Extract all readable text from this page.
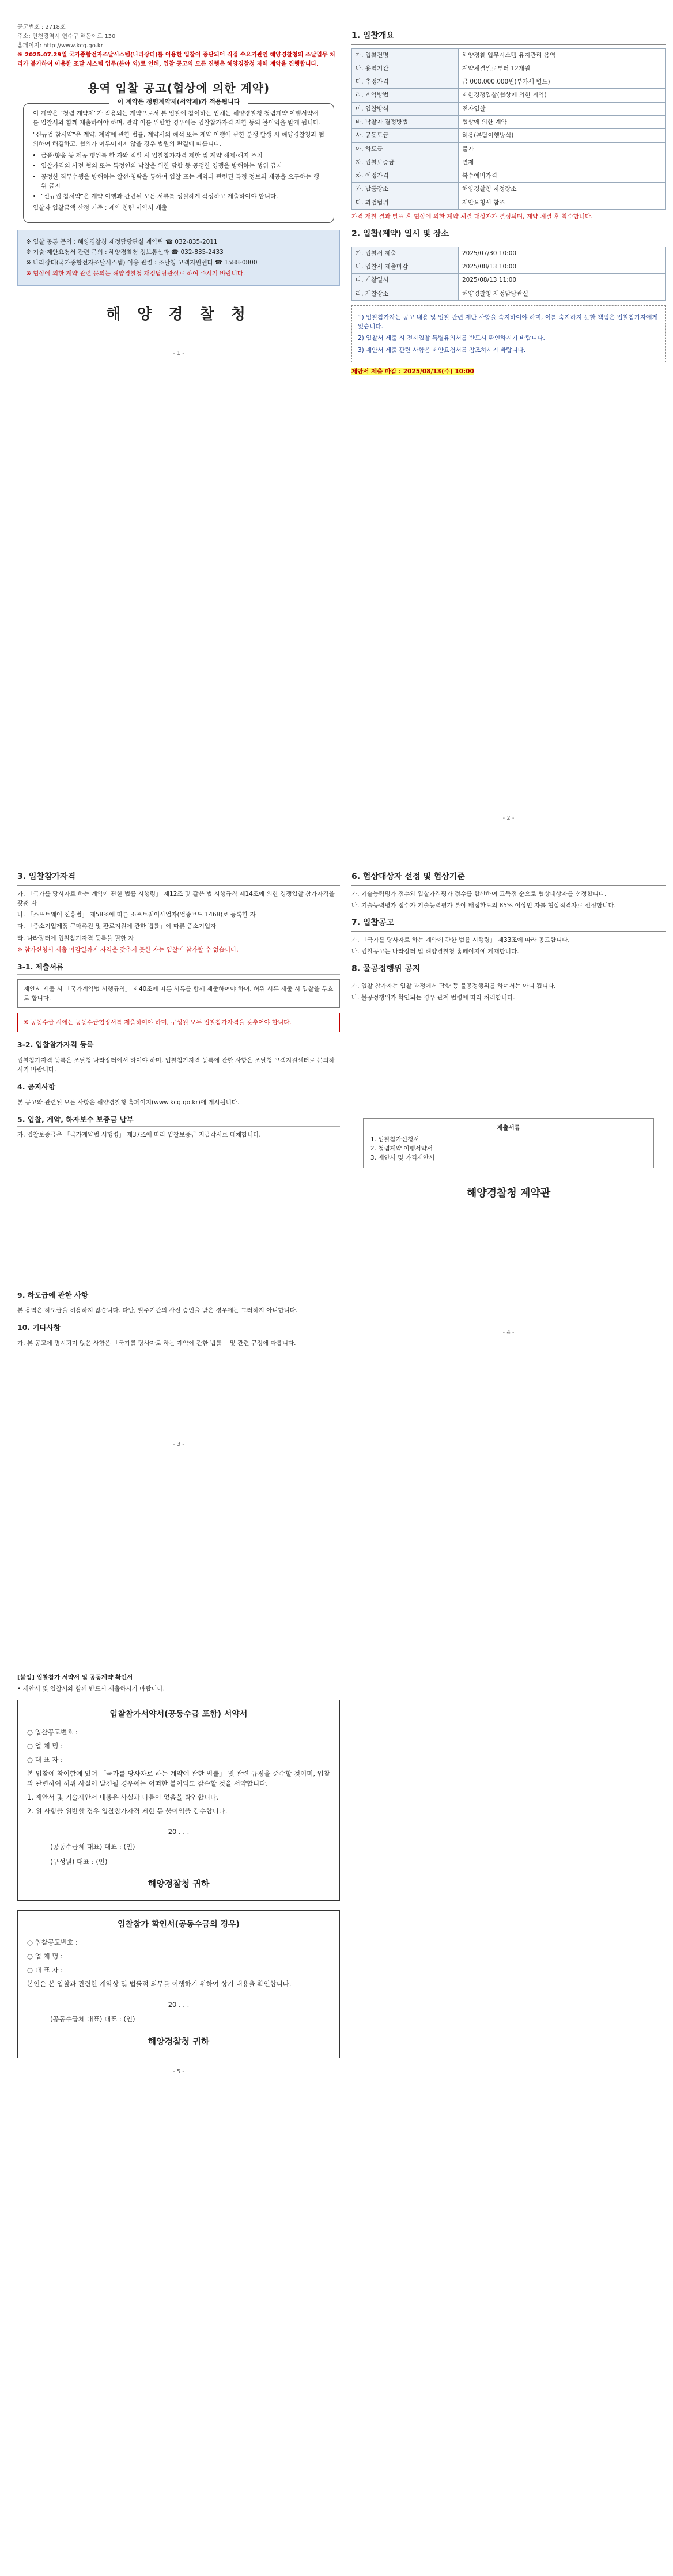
공고번호 : 2718호
주소: 인천광역시 연수구 해돋이로 130
홈페이지: http://www.kcg.go.kr
※ 2025.07.29일 국가종합전자조달시스템(나라장터)를 이용한 입찰이 중단되어 직접 수요기관인 해양경찰청의 조달업무 처리가 불가하여 이용한 조달 시스템 업무(분야 외)로 인해, 입찰 공고의 모든 진행은 해양경찰청 자체 계약을 진행합니다.
용역 입찰 공고(협상에 의한 계약)
이 계약은 청렴계약제(서약제)가 적용됩니다

이 계약은 "청렴 계약제"가 적용되는 계약으로서 본 입찰에 참여하는 업체는 해양경찰청 청렴계약 이행서약서를 입찰서와 함께 제출하여야 하며, 만약 이를 위반할 경우에는 입찰참가자격 제한 등의 불이익을 받게 됩니다.

"신규업 참서약"은 계약, 계약에 관한 법률, 계약서의 해석 또는 계약 이행에 관한 분쟁 발생 시 해양경찰청과 협의하여 해결하고, 협의가 이루어지지 않을 경우 법원의 판결에 따릅니다.

• 금품·향응 등 제공 행위를 한 자와 적발 시 입찰참가자격 제한 및 계약 해제·해지 조치
• 입찰가격의 사전 협의 또는 특정인의 낙찰을 위한 담합 등 공정한 경쟁을 방해하는 행위 금지
• 공정한 직무수행을 방해하는 알선·청탁을 통하여 입찰 또는 계약과 관련된 특정 정보의 제공을 요구하는 행위 금지
• "신규업 참서약"은 계약 이행과 관련된 모든 서류를 성실하게 작성하고 제출하여야 합니다.

입찰자 입찰금액 산정 기준 : 계약 청렴 서약서 제출

※ 입찰 공통 문의 : 해양경찰청 재정담당관실 계약팀 ☎ 032-835-2011

※ 기술·제안요청서 관련 문의 : 해양경찰청 정보통신과 ☎ 032-835-2433

※ 나라장터(국가종합전자조달시스템) 이용 관련 : 조달청 고객지원센터 ☎ 1588-0800

※ 협상에 의한 계약 관련 문의는 해양경찰청 재정담당관실로 하여 주시기 바랍니다.

해 양 경 찰 청
- 1 -
1. 입찰개요
가. 입찰건명	해양경찰 업무시스템 유지관리 용역
나. 용역기간	계약체결일로부터 12개월
다. 추정가격	금 000,000,000원(부가세 별도)
라. 계약방법	제한경쟁입찰(협상에 의한 계약)
마. 입찰방식	전자입찰
바. 낙찰자 결정방법	협상에 의한 계약
사. 공동도급	허용(분담이행방식)
아. 하도급	불가
자. 입찰보증금	면제
차. 예정가격	복수예비가격
카. 납품장소	해양경찰청 지정장소
타. 과업범위	제안요청서 참조
가격 개찰 결과 발표 후 협상에 의한 계약 체결 대상자가 결정되며, 계약 체결 후 착수합니다.
2. 입찰(계약) 일시 및 장소
가. 입찰서 제출	2025/07/30 10:00
나. 입찰서 제출마감	2025/08/13 10:00
다. 개찰일시	2025/08/13 11:00
라. 개찰장소	해양경찰청 재정담당관실
1) 입찰참가자는 공고 내용 및 입찰 관련 제반 사항을 숙지하여야 하며, 이를 숙지하지 못한 책임은 입찰참가자에게 있습니다.
2) 입찰서 제출 시 전자입찰 특별유의서를 반드시 확인하시기 바랍니다.
3) 제안서 제출 관련 사항은 제안요청서를 참조하시기 바랍니다.
제안서 제출 마감 : 2025/08/13(수) 10:00
- 2 -
3. 입찰참가자격
가. 「국가를 당사자로 하는 계약에 관한 법률 시행령」 제12조 및 같은 법 시행규칙 제14조에 의한 경쟁입찰 참가자격을 갖춘 자
나. 「소프트웨어 진흥법」 제58조에 따른 소프트웨어사업자(업종코드 1468)로 등록한 자
다. 「중소기업제품 구매촉진 및 판로지원에 관한 법률」에 따른 중소기업자
라. 나라장터에 입찰참가자격 등록을 필한 자
※ 참가신청서 제출 마감일까지 자격을 갖추지 못한 자는 입찰에 참가할 수 없습니다.
3-1. 제출서류
제안서 제출 시 「국가계약법 시행규칙」 제40조에 따른 서류를 함께 제출하여야 하며, 허위 서류 제출 시 입찰을 무효로 합니다.
※ 공동수급 시에는 공동수급협정서를 제출하여야 하며, 구성원 모두 입찰참가자격을 갖추어야 합니다.
3-2. 입찰참가자격 등록
입찰참가자격 등록은 조달청 나라장터에서 하여야 하며, 입찰참가자격 등록에 관한 사항은 조달청 고객지원센터로 문의하시기 바랍니다.
4. 공지사항
본 공고와 관련된 모든 사항은 해양경찰청 홈페이지(www.kcg.go.kr)에 게시됩니다.
5. 입찰, 계약, 하자보수 보증금 납부
가. 입찰보증금은 「국가계약법 시행령」 제37조에 따라 입찰보증금 지급각서로 대체합니다.
9. 하도급에 관한 사항
본 용역은 하도급을 허용하지 않습니다. 다만, 발주기관의 사전 승인을 받은 경우에는 그러하지 아니합니다.
10. 기타사항
가. 본 공고에 명시되지 않은 사항은 「국가를 당사자로 하는 계약에 관한 법률」 및 관련 규정에 따릅니다.
- 3 -
6. 협상대상자 선정 및 협상기준
가. 기술능력평가 점수와 입찰가격평가 점수를 합산하여 고득점 순으로 협상대상자를 선정합니다.
나. 기술능력평가 점수가 기술능력평가 분야 배점한도의 85% 이상인 자를 협상적격자로 선정합니다.
7. 입찰공고
가. 「국가를 당사자로 하는 계약에 관한 법률 시행령」 제33조에 따라 공고합니다.
나. 입찰공고는 나라장터 및 해양경찰청 홈페이지에 게재합니다.
8. 물공정행위 공지
가. 입찰 참가자는 입찰 과정에서 담합 등 불공정행위를 하여서는 아니 됩니다.
나. 불공정행위가 확인되는 경우 관계 법령에 따라 처리합니다.
제출서류
1. 입찰참가신청서
2. 청렴계약 이행서약서
3. 제안서 및 가격제안서
해양경찰청 계약관
- 4 -
[붙임] 입찰참가 서약서 및 공동계약 확인서
• 제안서 및 입찰서와 함께 반드시 제출하시기 바랍니다.
입찰참가서약서(공동수급 포함) 서약서

○ 입찰공고번호 :

○ 업 체 명 :

○ 대 표 자 :

본 입찰에 참여함에 있어 「국가를 당사자로 하는 계약에 관한 법률」 및 관련 규정을 준수할 것이며, 입찰과 관련하여 허위 사실이 발견될 경우에는 어떠한 불이익도 감수할 것을 서약합니다.

1. 제안서 및 기술제안서 내용은 사실과 다름이 없음을 확인합니다.

2. 위 사항을 위반할 경우 입찰참가자격 제한 등 불이익을 감수합니다.

20 . . .
(공동수급체 대표) 대표 : (인)
(구성원) 대표 : (인)
해양경찰청 귀하
입찰참가 확인서(공동수급의 경우)

○ 입찰공고번호 :

○ 업 체 명 :

○ 대 표 자 :

본인은 본 입찰과 관련한 계약상 및 법률적 의무를 이행하기 위하여 상기 내용을 확인합니다.

20 . . .
(공동수급체 대표) 대표 : (인)
해양경찰청 귀하
- 5 -
